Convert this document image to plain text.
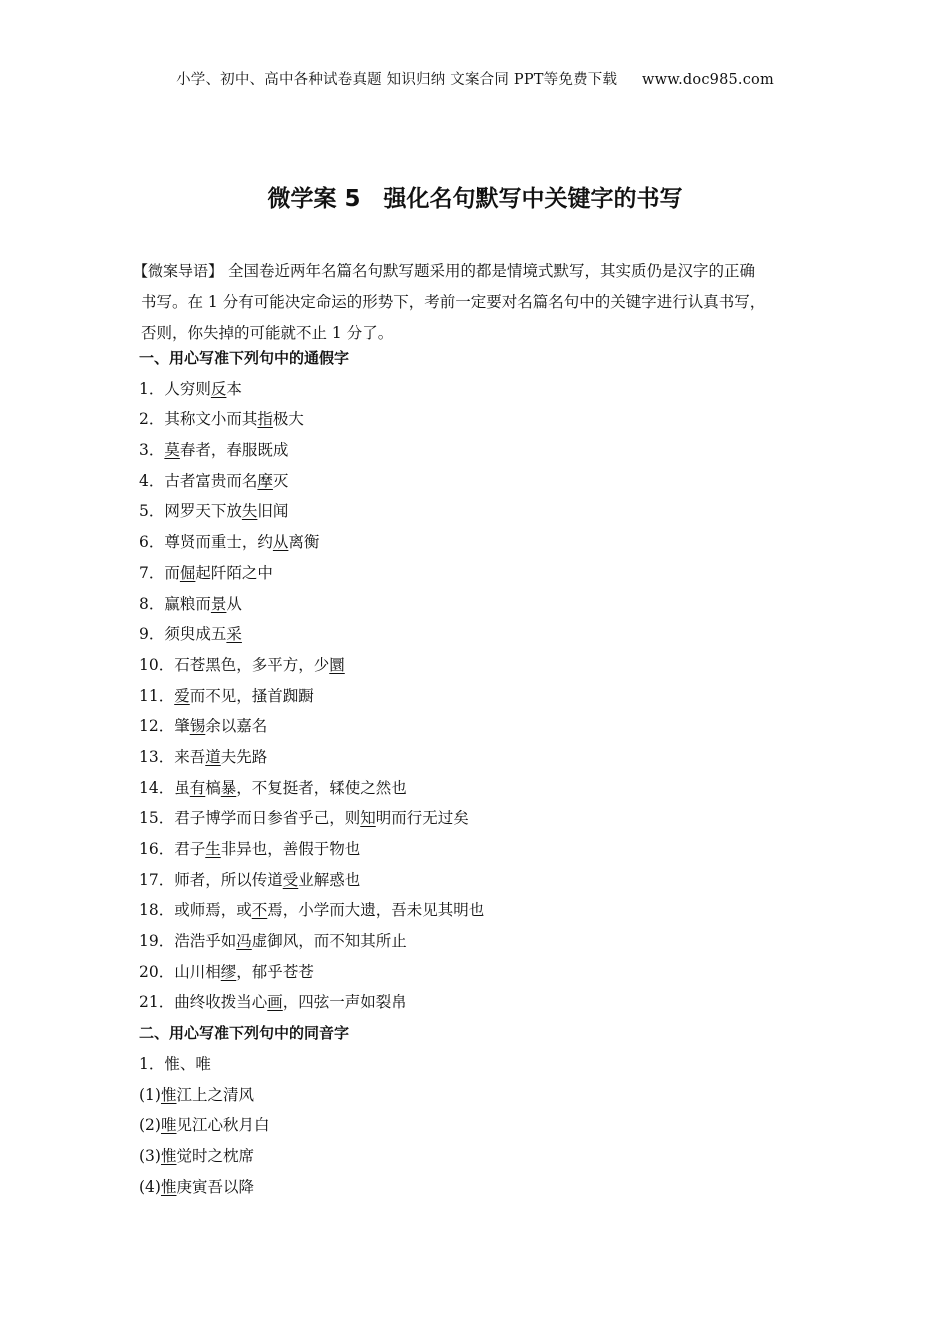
小学、初中、高中各种试卷真题 知识归纳 文案合同 PPT等免费下载 www.doc985.com
微学案 5　强化名句默写中关键字的书写
【微案导语】 全国卷近两年名篇名句默写题采用的都是情境式默写，其实质仍是汉字的正确
书写。在 1 分有可能决定命运的形势下，考前一定要对名篇名句中的关键字进行认真书写，
否则，你失掉的可能就不止 1 分了。
一、用心写准下列句中的通假字
1．人穷则反本
2．其称文小而其指极大
3．莫春者，春服既成
4．古者富贵而名摩灭
5．网罗天下放失旧闻
6．尊贤而重士，约从离衡
7．而倔起阡陌之中
8．赢粮而景从
9．须臾成五采
10．石苍黑色，多平方，少圜
11．爱而不见，搔首踟蹰
12．肇锡余以嘉名
13．来吾道夫先路
14．虽有槁暴，不复挺者，𫐓使之然也
15．君子博学而日参省乎己，则知明而行无过矣
16．君子生非异也，善假于物也
17．师者，所以传道受业解惑也
18．或师焉，或不焉，小学而大遗，吾未见其明也
19．浩浩乎如冯虚御风，而不知其所止
20．山川相缪，郁乎苍苍
21．曲终收拨当心画，四弦一声如裂帛
二、用心写准下列句中的同音字
1．惟、唯
(1)惟江上之清风
(2)唯见江心秋月白
(3)惟觉时之枕席
(4)惟庚寅吾以降
